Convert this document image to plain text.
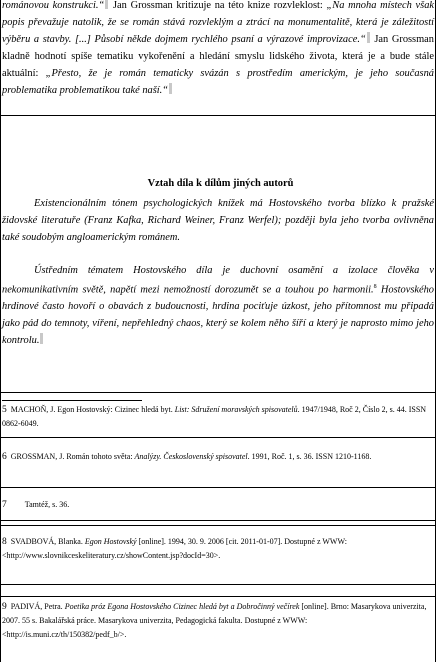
románovou konstrukci.“ Jan Grossman kritizuje na této knize rozvleklost: „Na mnoha místech však popis převažuje natolik, že se román stává rozvleklým a ztrácí na monumentalitě, která je záležitostí výběru a stavby. [...] Působí někde dojmem rychlého psaní a výrazové improvizace.“ Jan Grossman kladně hodnotí spíše tematiku vykořenění a hledání smyslu lidského života, která je a bude stále aktuální: „Přesto, že je román tematicky svázán s prostředím americkým, je jeho současná problematika problematikou také naší.“

Vztah díla k dílům jiných autorů
Existencionálním tónem psychologických knížek má Hostovského tvorba blízko k pražské židovské literatuře (Franz Kafka, Richard Weiner, Franz Werfel); později byla jeho tvorba ovlivněna také soudobým angloamerickým románem.
Ústředním tématem Hostovského díla je duchovní osamění a izolace člověka v nekomunikativním světě, napětí mezi nemožností dorozumět se a touhou po harmonii.$^8$ Hostovského hrdinové často hovoří o obavách z budoucnosti, hrdina pociťuje úzkost, jeho přítomnost mu připadá jako pád do temnoty, víření, nepřehledný chaos, který se kolem něho šíří a který je naprosto mimo jeho kontrolu.
5 MACHOŇ, J. Egon Hostovský: Cizinec hledá byt. List: Sdružení moravských spisovatelů. 1947/1948, Roč 2, Číslo 2, s. 44. ISSN 0862-6049.
6 GROSSMAN, J. Román tohoto světa: Analýzy. Československý spisovatel. 1991, Roč. 1, s. 36. ISSN 1210-1168.
7 Tamtéž, s. 36.
8 SVADBOVÁ, Blanka. Egon Hostovský [online]. 1994, 30. 9. 2006 [cit. 2011-01-07]. Dostupné z WWW: <http://www.slovnikceskeliteratury.cz/showContent.jsp?docId=30>.
9 PADIVÁ, Petra. Poetika próz Egona Hostovského Cizinec hledá byt a Dobročinný večírek [online]. Brno: Masarykova univerzita, 2007. 55 s. Bakalářská práce. Masarykova univerzita, Pedagogická fakulta. Dostupné z WWW: <http://is.muni.cz/th/150382/pedf_b/>.
